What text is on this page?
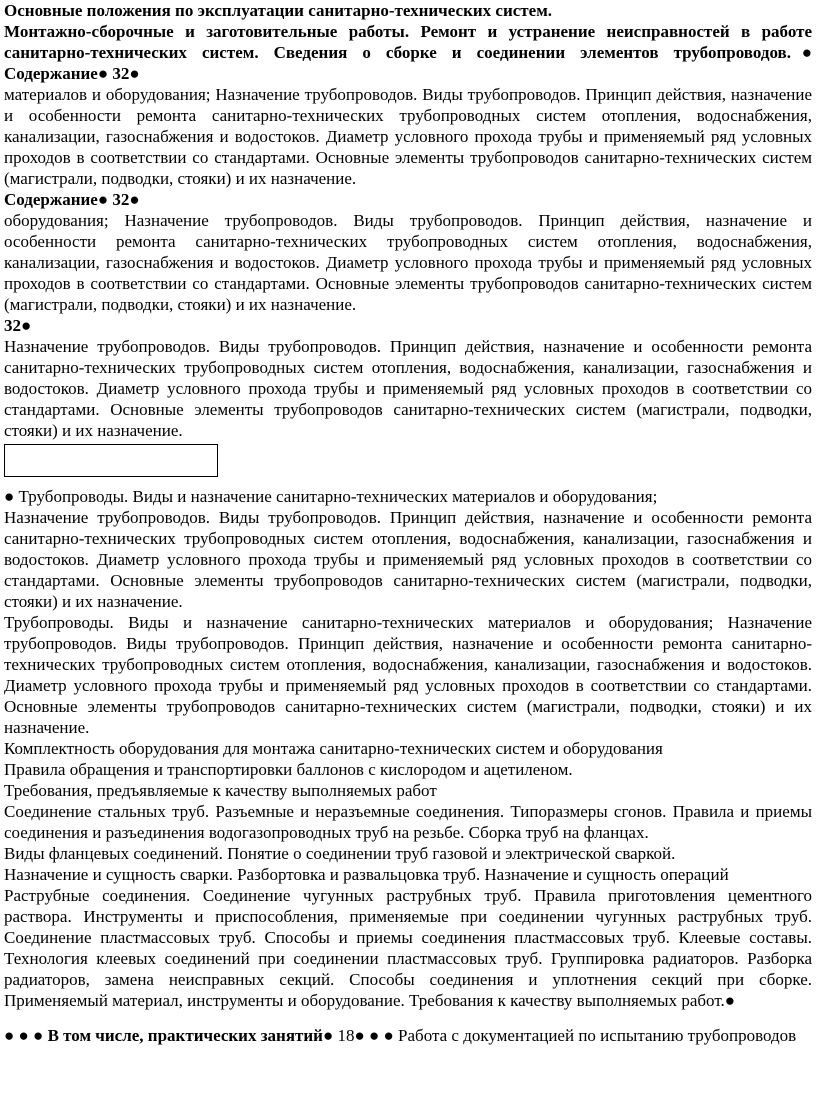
Основные положения по эксплуатации санитарно-технических систем.

Монтажно-сборочные и заготовительные работы. Ремонт и устранение неисправностей в работе санитарно-технических систем. Сведения о сборке и соединении элементов трубопроводов.● Содержание● 32●

материалов и оборудования; Назначение трубопроводов. Виды трубопроводов. Принцип действия, назначение и особенности ремонта санитарно-технических трубопроводных систем отопления, водоснабжения, канализации, газоснабжения и водостоков. Диаметр условного прохода трубы и применяемый ряд условных проходов в соответствии со стандартами. Основные элементы трубопроводов санитарно-технических систем (магистрали, подводки, стояки) и их назначение.

Содержание● 32●

оборудования; Назначение трубопроводов. Виды трубопроводов. Принцип действия, назначение и особенности ремонта санитарно-технических трубопроводных систем отопления, водоснабжения, канализации, газоснабжения и водостоков. Диаметр условного прохода трубы и применяемый ряд условных проходов в соответствии со стандартами. Основные элементы трубопроводов санитарно-технических систем (магистрали, подводки, стояки) и их назначение.

32●

Назначение трубопроводов. Виды трубопроводов. Принцип действия, назначение и особенности ремонта санитарно-технических трубопроводных систем отопления, водоснабжения, канализации, газоснабжения и водостоков. Диаметр условного прохода трубы и применяемый ряд условных проходов в соответствии со стандартами. Основные элементы трубопроводов санитарно-технических систем (магистрали, подводки, стояки) и их назначение.

● Трубопроводы. Виды и назначение санитарно-технических материалов и оборудования;

Назначение трубопроводов. Виды трубопроводов. Принцип действия, назначение и особенности ремонта санитарно-технических трубопроводных систем отопления, водоснабжения, канализации, газоснабжения и водостоков. Диаметр условного прохода трубы и применяемый ряд условных проходов в соответствии со стандартами. Основные элементы трубопроводов санитарно-технических систем (магистрали, подводки, стояки) и их назначение.

Трубопроводы. Виды и назначение санитарно-технических материалов и оборудования; Назначение трубопроводов. Виды трубопроводов. Принцип действия, назначение и особенности ремонта санитарно-технических трубопроводных систем отопления, водоснабжения, канализации, газоснабжения и водостоков. Диаметр условного прохода трубы и применяемый ряд условных проходов в соответствии со стандартами. Основные элементы трубопроводов санитарно-технических систем (магистрали, подводки, стояки) и их назначение.

Комплектность оборудования для монтажа санитарно-технических систем и оборудования

Правила обращения и транспортировки баллонов с кислородом и ацетиленом.

Требования, предъявляемые к качеству выполняемых работ

Соединение стальных труб. Разъемные и неразъемные соединения. Типоразмеры сгонов. Правила и приемы соединения и разъединения водогазопроводных труб на резьбе. Сборка труб на фланцах.

Виды фланцевых соединений. Понятие о соединении труб газовой и электрической сваркой.

Назначение и сущность сварки. Разбортовка и развальцовка труб. Назначение и сущность операций

Раструбные соединения. Соединение чугунных раструбных труб. Правила приготовления цементного раствора. Инструменты и приспособления, применяемые при соединении чугунных раструбных труб. Соединение пластмассовых труб. Способы и приемы соединения пластмассовых труб. Клеевые составы. Технология клеевых соединений при соединении пластмассовых труб. Группировка радиаторов. Разборка радиаторов, замена неисправных секций. Способы соединения и уплотнения секций при сборке. Применяемый материал, инструменты и оборудование. Требования к качеству выполняемых работ.●

● ● ● В том числе, практических занятий● 18● ● ● Работа с документацией по испытанию трубопроводов
